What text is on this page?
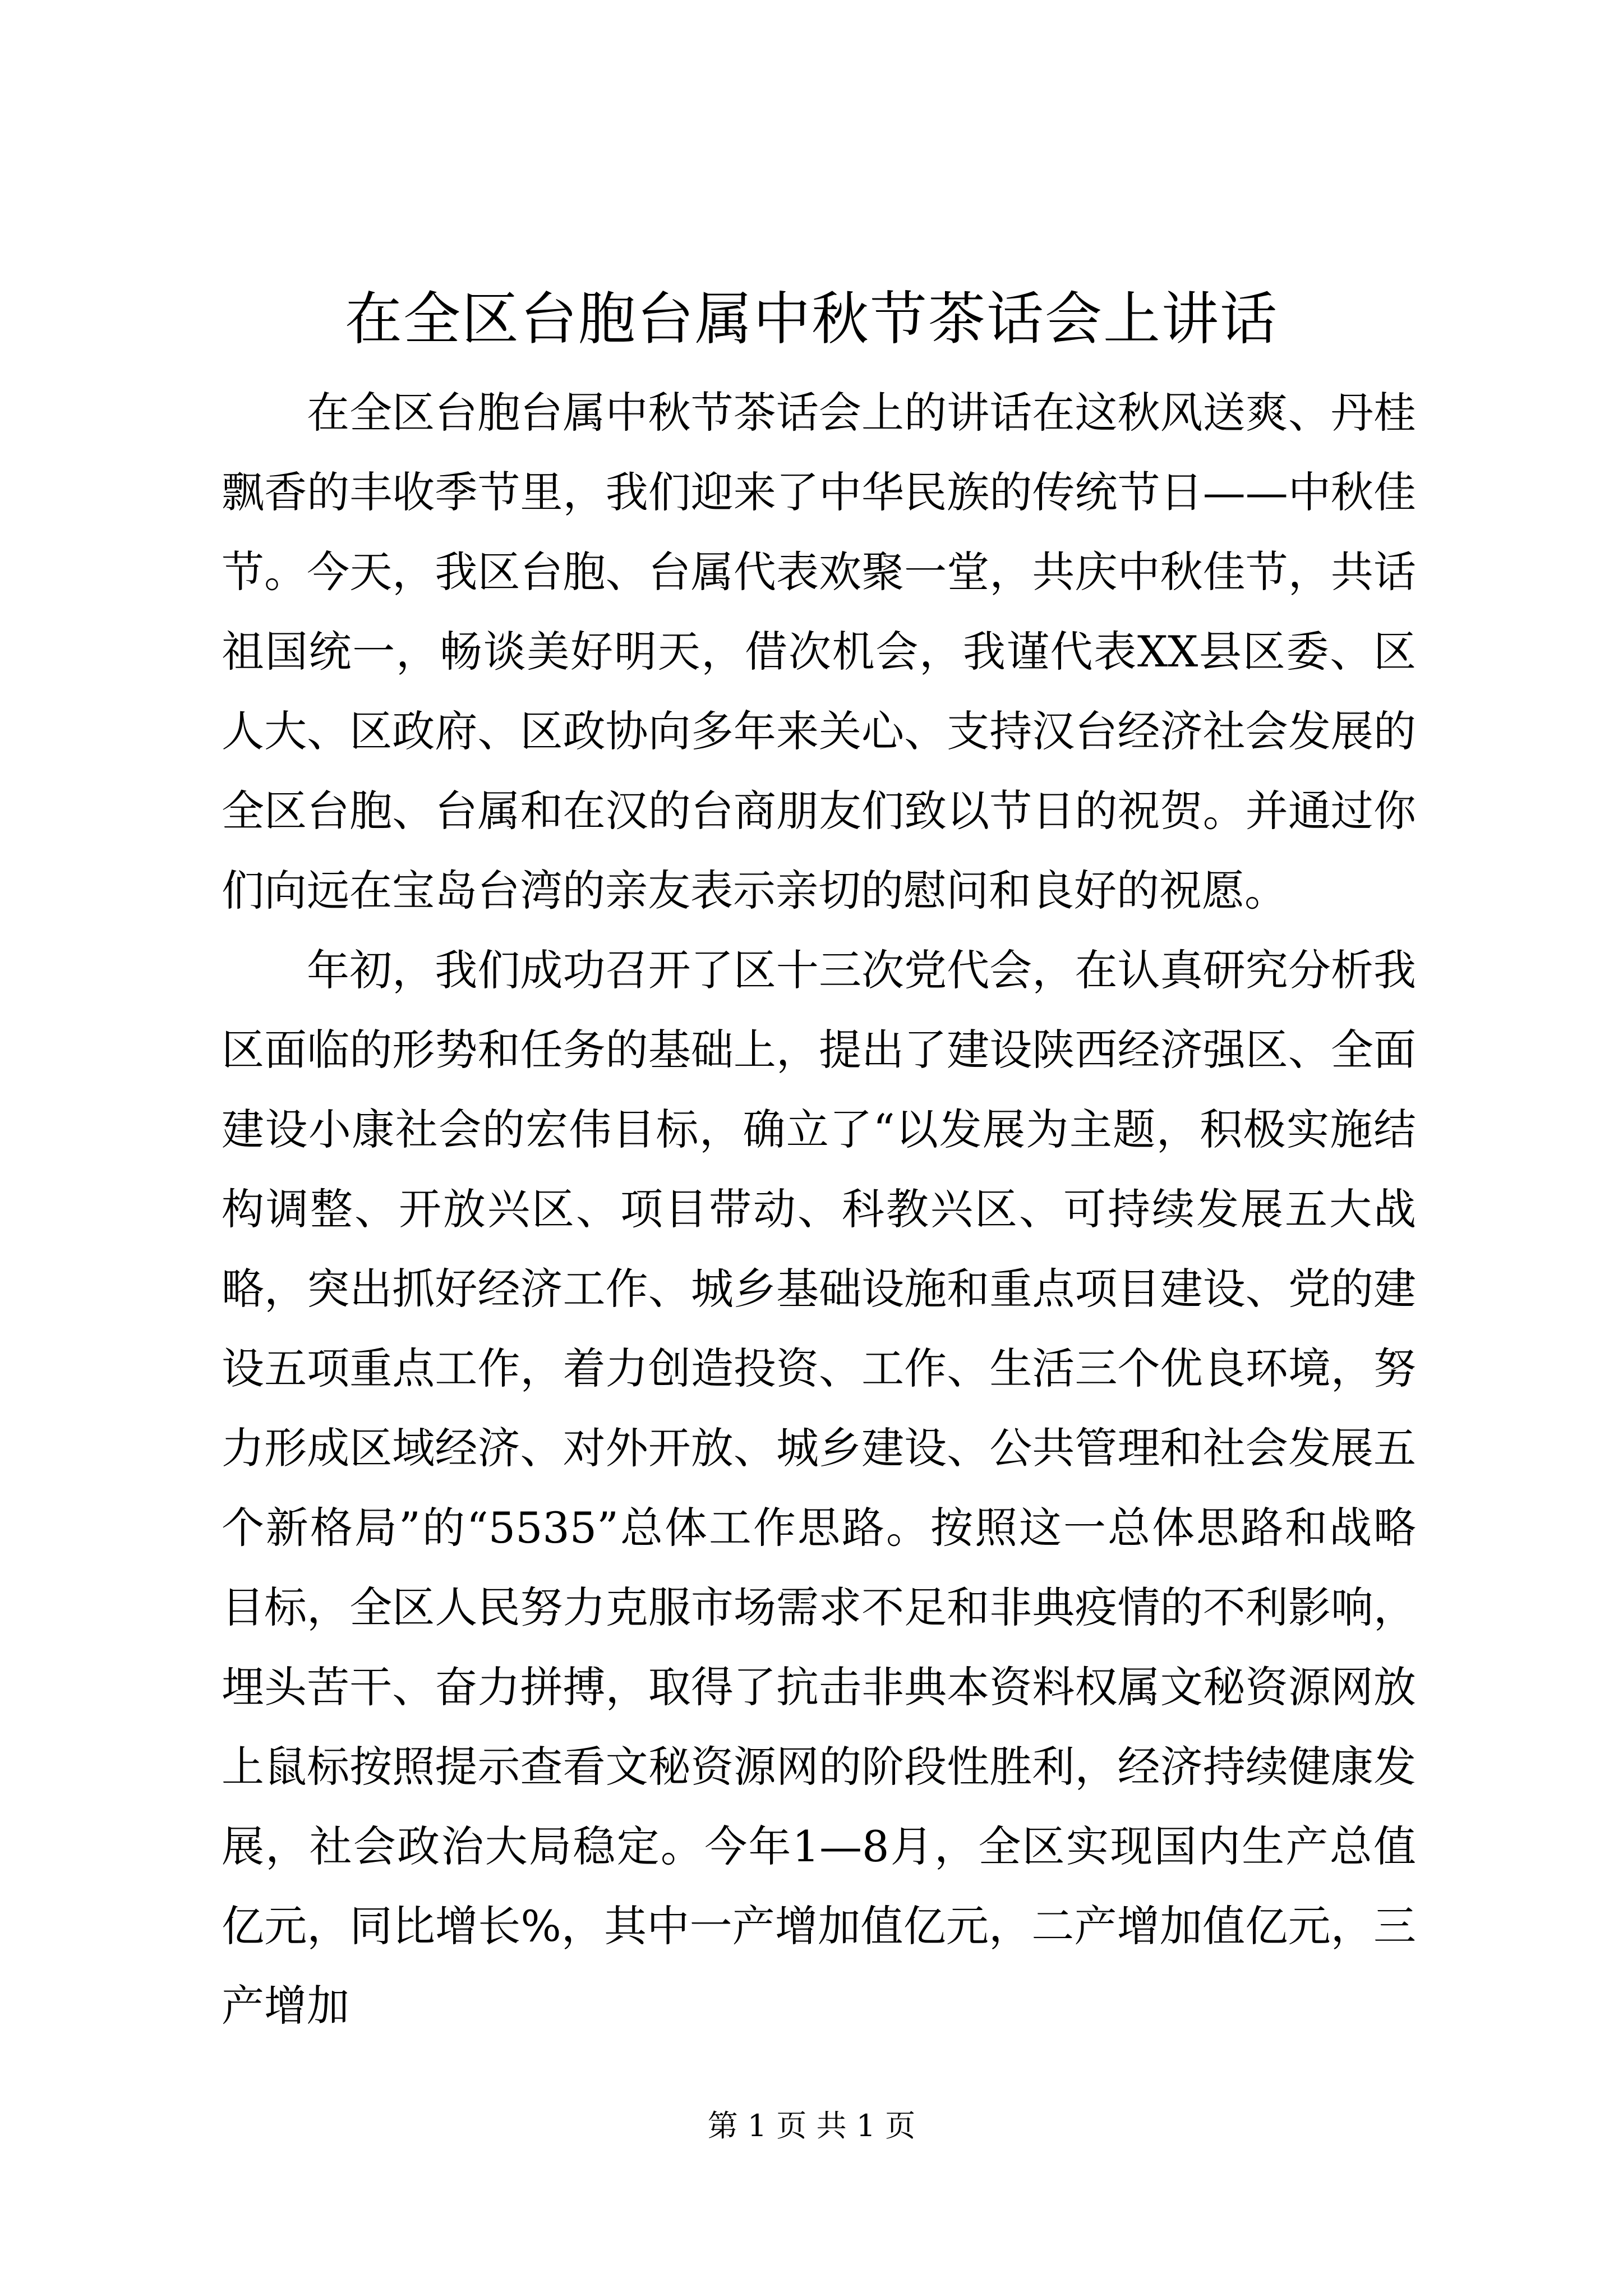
在全区台胞台属中秋节茶话会上讲话

在全区台胞台属中秋节茶话会上的讲话在这秋风送爽、丹桂飘香的丰收季节里，我们迎来了中华民族的传统节日——中秋佳节。今天，我区台胞、台属代表欢聚一堂，共庆中秋佳节，共话祖国统一，畅谈美好明天，借次机会，我谨代表XX县区委、区人大、区政府、区政协向多年来关心、支持汉台经济社会发展的全区台胞、台属和在汉的台商朋友们致以节日的祝贺。并通过你们向远在宝岛台湾的亲友表示亲切的慰问和良好的祝愿。

年初，我们成功召开了区十三次党代会，在认真研究分析我区面临的形势和任务的基础上，提出了建设陕西经济强区、全面建设小康社会的宏伟目标，确立了“以发展为主题，积极实施结构调整、开放兴区、项目带动、科教兴区、可持续发展五大战略，突出抓好经济工作、城乡基础设施和重点项目建设、党的建设五项重点工作，着力创造投资、工作、生活三个优良环境，努力形成区域经济、对外开放、城乡建设、公共管理和社会发展五个新格局”的“5535”总体工作思路。按照这一总体思路和战略目标，全区人民努力克服市场需求不足和非典疫情的不利影响，埋头苦干、奋力拼搏，取得了抗击非典本资料权属文秘资源网放上鼠标按照提示查看文秘资源网的阶段性胜利，经济持续健康发展，社会政治大局稳定。今年1—8月，全区实现国内生产总值亿元，同比增长%，其中一产增加值亿元，二产增加值亿元，三产增加

第 1 页 共 1 页
